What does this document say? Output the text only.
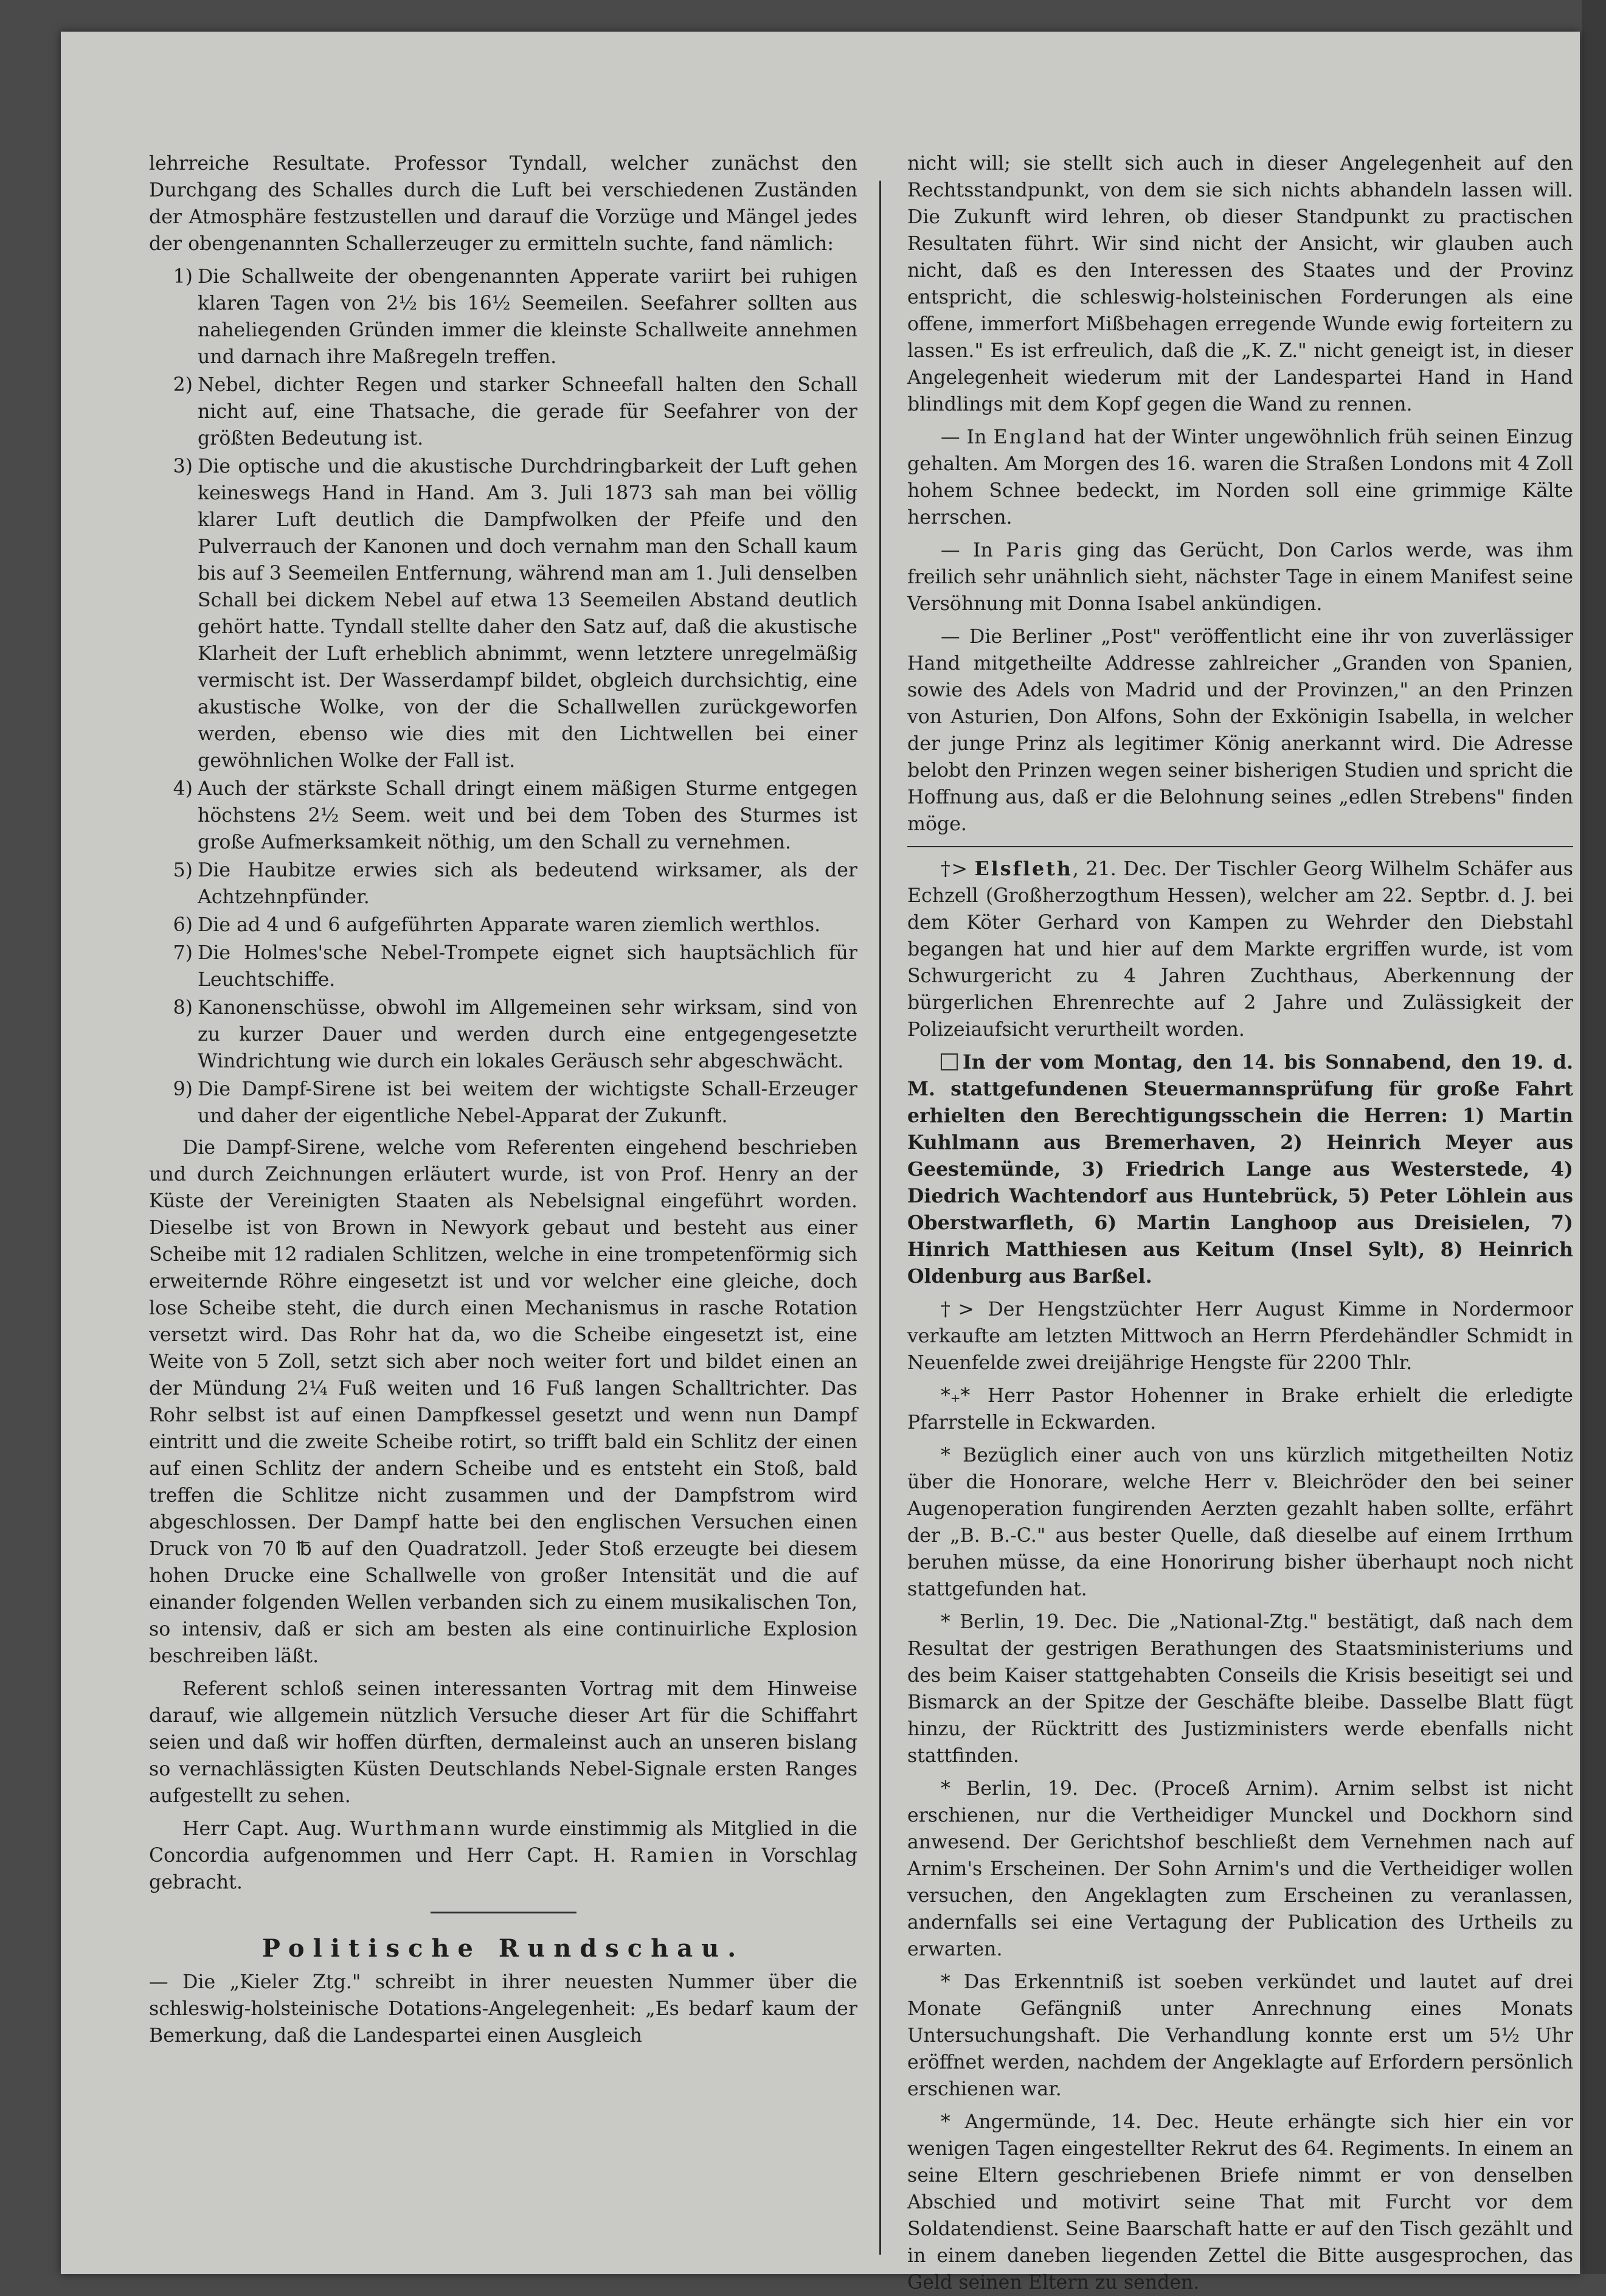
lehrreiche Resultate. Professor Tyndall, welcher zunächst den Durchgang des Schalles durch die Luft bei verschiedenen Zuständen der Atmosphäre festzustellen und darauf die Vorzüge und Mängel jedes der obengenannten Schallerzeuger zu ermitteln suchte, fand nämlich:

1) Die Schallweite der obengenannten Apperate variirt bei ruhigen klaren Tagen von 2½ bis 16½ Seemeilen. Seefahrer sollten aus naheliegenden Gründen immer die kleinste Schallweite annehmen und darnach ihre Maßregeln treffen.
2) Nebel, dichter Regen und starker Schneefall halten den Schall nicht auf, eine Thatsache, die gerade für Seefahrer von der größten Bedeutung ist.
3) Die optische und die akustische Durchdringbarkeit der Luft gehen keineswegs Hand in Hand. Am 3. Juli 1873 sah man bei völlig klarer Luft deutlich die Dampfwolken der Pfeife und den Pulverrauch der Kanonen und doch vernahm man den Schall kaum bis auf 3 Seemeilen Entfernung, während man am 1. Juli denselben Schall bei dickem Nebel auf etwa 13 Seemeilen Abstand deutlich gehört hatte. Tyndall stellte daher den Satz auf, daß die akustische Klarheit der Luft erheblich abnimmt, wenn letztere unregelmäßig vermischt ist. Der Wasserdampf bildet, obgleich durchsichtig, eine akustische Wolke, von der die Schallwellen zurückgeworfen werden, ebenso wie dies mit den Lichtwellen bei einer gewöhnlichen Wolke der Fall ist.
4) Auch der stärkste Schall dringt einem mäßigen Sturme entgegen höchstens 2½ Seem. weit und bei dem Toben des Sturmes ist große Aufmerksamkeit nöthig, um den Schall zu vernehmen.
5) Die Haubitze erwies sich als bedeutend wirksamer, als der Achtzehnpfünder.
6) Die ad 4 und 6 aufgeführten Apparate waren ziemlich werthlos.
7) Die Holmes'sche Nebel-Trompete eignet sich hauptsächlich für Leuchtschiffe.
8) Kanonenschüsse, obwohl im Allgemeinen sehr wirksam, sind von zu kurzer Dauer und werden durch eine entgegengesetzte Windrichtung wie durch ein lokales Geräusch sehr abgeschwächt.
9) Die Dampf-Sirene ist bei weitem der wichtigste Schall-Erzeuger und daher der eigentliche Nebel-Apparat der Zukunft.

Die Dampf-Sirene, welche vom Referenten eingehend beschrieben und durch Zeichnungen erläutert wurde, ist von Prof. Henry an der Küste der Vereinigten Staaten als Nebelsignal eingeführt worden. Dieselbe ist von Brown in Newyork gebaut und besteht aus einer Scheibe mit 12 radialen Schlitzen, welche in eine trompetenförmig sich erweiternde Röhre eingesetzt ist und vor welcher eine gleiche, doch lose Scheibe steht, die durch einen Mechanismus in rasche Rotation versetzt wird. Das Rohr hat da, wo die Scheibe eingesetzt ist, eine Weite von 5 Zoll, setzt sich aber noch weiter fort und bildet einen an der Mündung 2¼ Fuß weiten und 16 Fuß langen Schalltrichter. Das Rohr selbst ist auf einen Dampfkessel gesetzt und wenn nun Dampf eintritt und die zweite Scheibe rotirt, so trifft bald ein Schlitz der einen auf einen Schlitz der andern Scheibe und es entsteht ein Stoß, bald treffen die Schlitze nicht zusammen und der Dampfstrom wird abgeschlossen. Der Dampf hatte bei den englischen Versuchen einen Druck von 70 ℔ auf den Quadratzoll. Jeder Stoß erzeugte bei diesem hohen Drucke eine Schallwelle von großer Intensität und die auf einander folgenden Wellen verbanden sich zu einem musikalischen Ton, so intensiv, daß er sich am besten als eine continuirliche Explosion beschreiben läßt.

Referent schloß seinen interessanten Vortrag mit dem Hinweise darauf, wie allgemein nützlich Versuche dieser Art für die Schiffahrt seien und daß wir hoffen dürften, dermaleinst auch an unseren bislang so vernachlässigten Küsten Deutschlands Nebel-Signale ersten Ranges aufgestellt zu sehen.

Herr Capt. Aug. Wurthmann wurde einstimmig als Mitglied in die Concordia aufgenommen und Herr Capt. H. Ramien in Vorschlag gebracht.

Politische Rundschau.

— Die „Kieler Ztg." schreibt in ihrer neuesten Nummer über die schleswig-holsteinische Dotations-Angelegenheit: „Es bedarf kaum der Bemerkung, daß die Landespartei einen Ausgleich

nicht will; sie stellt sich auch in dieser Angelegenheit auf den Rechtsstandpunkt, von dem sie sich nichts abhandeln lassen will. Die Zukunft wird lehren, ob dieser Standpunkt zu practischen Resultaten führt. Wir sind nicht der Ansicht, wir glauben auch nicht, daß es den Interessen des Staates und der Provinz entspricht, die schleswig-holsteinischen Forderungen als eine offene, immerfort Mißbehagen erregende Wunde ewig forteitern zu lassen." Es ist erfreulich, daß die „K. Z." nicht geneigt ist, in dieser Angelegenheit wiederum mit der Landespartei Hand in Hand blindlings mit dem Kopf gegen die Wand zu rennen.

— In England hat der Winter ungewöhnlich früh seinen Einzug gehalten. Am Morgen des 16. waren die Straßen Londons mit 4 Zoll hohem Schnee bedeckt, im Norden soll eine grimmige Kälte herrschen.

— In Paris ging das Gerücht, Don Carlos werde, was ihm freilich sehr unähnlich sieht, nächster Tage in einem Manifest seine Versöhnung mit Donna Isabel ankündigen.

— Die Berliner „Post" veröffentlicht eine ihr von zuverlässiger Hand mitgetheilte Addresse zahlreicher „Granden von Spanien, sowie des Adels von Madrid und der Provinzen," an den Prinzen von Asturien, Don Alfons, Sohn der Exkönigin Isabella, in welcher der junge Prinz als legitimer König anerkannt wird. Die Adresse belobt den Prinzen wegen seiner bisherigen Studien und spricht die Hoffnung aus, daß er die Belohnung seines „edlen Strebens" finden möge.

†> Elsfleth, 21. Dec. Der Tischler Georg Wilhelm Schäfer aus Echzell (Großherzogthum Hessen), welcher am 22. Septbr. d. J. bei dem Köter Gerhard von Kampen zu Wehrder den Diebstahl begangen hat und hier auf dem Markte ergriffen wurde, ist vom Schwurgericht zu 4 Jahren Zuchthaus, Aberkennung der bürgerlichen Ehrenrechte auf 2 Jahre und Zulässigkeit der Polizeiaufsicht verurtheilt worden.

In der vom Montag, den 14. bis Sonnabend, den 19. d. M. stattgefundenen Steuermannsprüfung für große Fahrt erhielten den Berechtigungsschein die Herren: 1) Martin Kuhlmann aus Bremerhaven, 2) Heinrich Meyer aus Geestemünde, 3) Friedrich Lange aus Westerstede, 4) Diedrich Wachtendorf aus Huntebrück, 5) Peter Löhlein aus Oberstwarfleth, 6) Martin Langhoop aus Dreisielen, 7) Hinrich Matthiesen aus Keitum (Insel Sylt), 8) Heinrich Oldenburg aus Barßel.

†> Der Hengstzüchter Herr August Kimme in Nordermoor verkaufte am letzten Mittwoch an Herrn Pferdehändler Schmidt in Neuenfelde zwei dreijährige Hengste für 2200 Thlr.

*₊* Herr Pastor Hohenner in Brake erhielt die erledigte Pfarrstelle in Eckwarden.

* Bezüglich einer auch von uns kürzlich mitgetheilten Notiz über die Honorare, welche Herr v. Bleichröder den bei seiner Augenoperation fungirenden Aerzten gezahlt haben sollte, erfährt der „B. B.-C." aus bester Quelle, daß dieselbe auf einem Irrthum beruhen müsse, da eine Honorirung bisher überhaupt noch nicht stattgefunden hat.

* Berlin, 19. Dec. Die „National-Ztg." bestätigt, daß nach dem Resultat der gestrigen Berathungen des Staatsministeriums und des beim Kaiser stattgehabten Conseils die Krisis beseitigt sei und Bismarck an der Spitze der Geschäfte bleibe. Dasselbe Blatt fügt hinzu, der Rücktritt des Justizministers werde ebenfalls nicht stattfinden.

* Berlin, 19. Dec. (Proceß Arnim). Arnim selbst ist nicht erschienen, nur die Vertheidiger Munckel und Dockhorn sind anwesend. Der Gerichtshof beschließt dem Vernehmen nach auf Arnim's Erscheinen. Der Sohn Arnim's und die Vertheidiger wollen versuchen, den Angeklagten zum Erscheinen zu veranlassen, andernfalls sei eine Vertagung der Publication des Urtheils zu erwarten.

* Das Erkenntniß ist soeben verkündet und lautet auf drei Monate Gefängniß unter Anrechnung eines Monats Untersuchungshaft. Die Verhandlung konnte erst um 5½ Uhr eröffnet werden, nachdem der Angeklagte auf Erfordern persönlich erschienen war.

* Angermünde, 14. Dec. Heute erhängte sich hier ein vor wenigen Tagen eingestellter Rekrut des 64. Regiments. In einem an seine Eltern geschriebenen Briefe nimmt er von denselben Abschied und motivirt seine That mit Furcht vor dem Soldatendienst. Seine Baarschaft hatte er auf den Tisch gezählt und in einem daneben liegenden Zettel die Bitte ausgesprochen, das Geld seinen Eltern zu senden.
